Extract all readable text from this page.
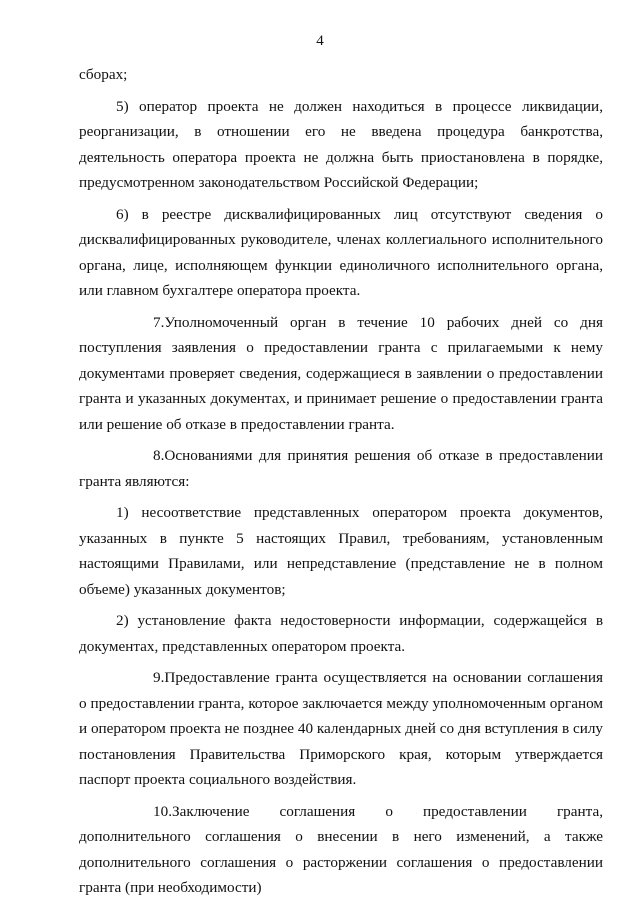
4

сборах;

5) оператор проекта не должен находиться в процессе ликвидации, реорганизации, в отношении его не введена процедура банкротства, деятельность оператора проекта не должна быть приостановлена в порядке, предусмотренном законодательством Российской Федерации;

6) в реестре дисквалифицированных лиц отсутствуют сведения о дисквалифицированных руководителе, членах коллегиального исполнительного органа, лице, исполняющем функции единоличного исполнительного органа, или главном бухгалтере оператора проекта.

7.Уполномоченный орган в течение 10 рабочих дней со дня поступления заявления о предоставлении гранта с прилагаемыми к нему документами проверяет сведения, содержащиеся в заявлении о предоставлении гранта и указанных документах, и принимает решение о предоставлении гранта или решение об отказе в предоставлении гранта.

8.Основаниями для принятия решения об отказе в предоставлении гранта являются:

1) несоответствие представленных оператором проекта документов, указанных в пункте 5 настоящих Правил, требованиям, установленным настоящими Правилами, или непредставление (представление не в полном объеме) указанных документов;

2) установление факта недостоверности информации, содержащейся в документах, представленных оператором проекта.

9.Предоставление гранта осуществляется на основании соглашения о предоставлении гранта, которое заключается между уполномоченным органом и оператором проекта не позднее 40 календарных дней со дня вступления в силу постановления Правительства Приморского края, которым утверждается паспорт проекта социального воздействия.

10.Заключение соглашения о предоставлении гранта, дополнительного соглашения о внесении в него изменений, а также дополнительного соглашения о расторжении соглашения о предоставлении гранта (при необходимости)
